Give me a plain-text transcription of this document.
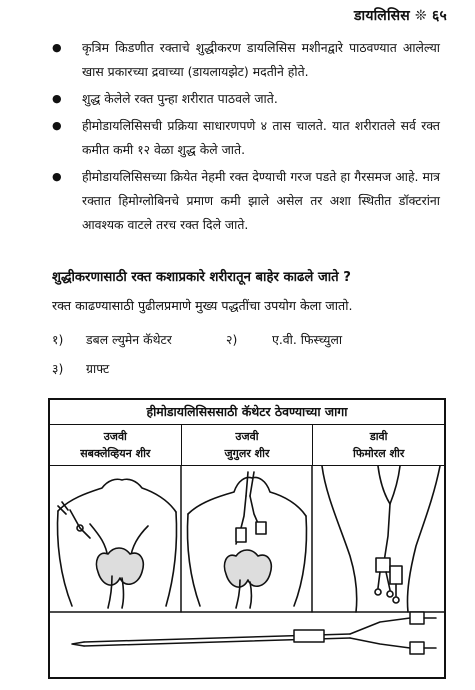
डायलिसिस ❊ ६५
● कृत्रिम किडणीत रक्ताचे शुद्धीकरण डायलिसिस मशीनद्वारे पाठवण्यात आलेल्या खास प्रकारच्या द्रवाच्या (डायलायझेट) मदतीने होते.
● शुद्ध केलेले रक्त पुन्हा शरीरात पाठवले जाते.
● हीमोडायलिसिसची प्रक्रिया साधारणपणे ४ तास चालते. यात शरीरातले सर्व रक्त कमीत कमी १२ वेळा शुद्ध केले जाते.
● हीमोडायलिसिसच्या क्रियेत नेहमी रक्त देण्याची गरज पडते हा गैरसमज आहे. मात्र रक्तात हिमोग्लोबिनचे प्रमाण कमी झाले असेल तर अशा स्थितीत डॉक्टरांना आवश्यक वाटले तरच रक्त दिले जाते.
शुद्धीकरणासाठी रक्त कशाप्रकारे शरीरातून बाहेर काढले जाते ?
रक्त काढण्यासाठी पुढीलप्रमाणे मुख्य पद्धतींचा उपयोग केला जातो.
१) डबल ल्युमेन कॅथेटर	२)	ए.वी. फिस्च्युला
३) ग्राफ्ट
हीमोडायलिसिससाठी कॅथेटर ठेवण्याच्या जागा
उजवी
सबक्लेव्हियन शीर
उजवी
जुगुलर शीर
डावी
फिमोरल शीर
